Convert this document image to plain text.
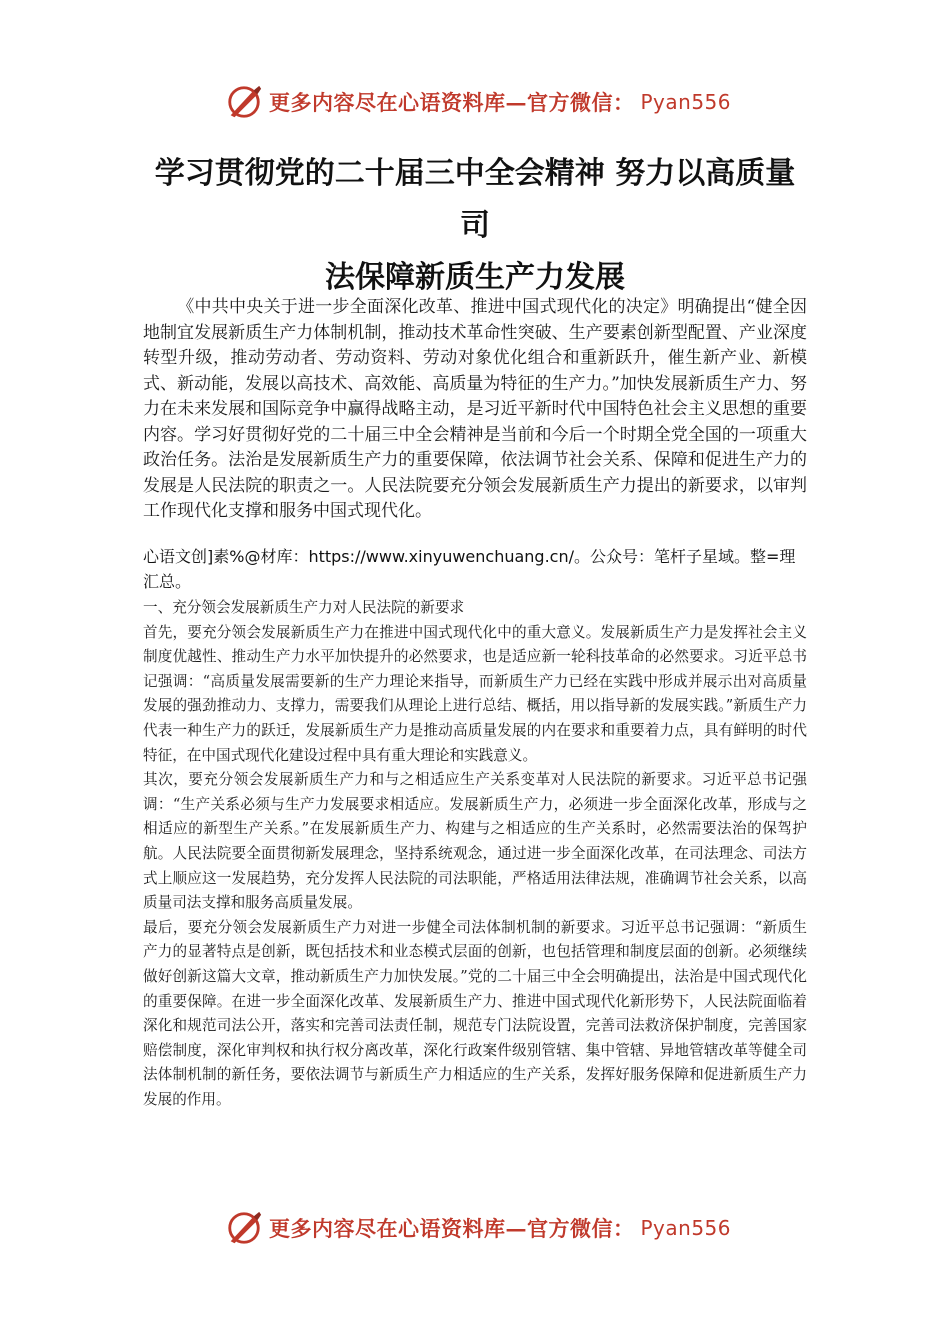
更多内容尽在心语资料库—官方微信： Pyan556
学习贯彻党的二十届三中全会精神 努力以高质量司
法保障新质生产力发展

《中共中央关于进一步全面深化改革、推进中国式现代化的决定》明确提出“健全因地制宜发展新质生产力体制机制，推动技术革命性突破、生产要素创新型配置、产业深度转型升级，推动劳动者、劳动资料、劳动对象优化组合和重新跃升，催生新产业、新模式、新动能，发展以高技术、高效能、高质量为特征的生产力。”加快发展新质生产力、努力在未来发展和国际竞争中赢得战略主动，是习近平新时代中国特色社会主义思想的重要内容。学习好贯彻好党的二十届三中全会精神是当前和今后一个时期全党全国的一项重大政治任务。法治是发展新质生产力的重要保障，依法调节社会关系、保障和促进生产力的发展是人民法院的职责之一。人民法院要充分领会发展新质生产力提出的新要求，以审判工作现代化支撑和服务中国式现代化。

心语文创]素%@材库：https://www.xinyuwenchuang.cn/。公众号：笔杆子星域。整=理汇总。

一、充分领会发展新质生产力对人民法院的新要求

首先，要充分领会发展新质生产力在推进中国式现代化中的重大意义。发展新质生产力是发挥社会主义制度优越性、推动生产力水平加快提升的必然要求，也是适应新一轮科技革命的必然要求。习近平总书记强调：“高质量发展需要新的生产力理论来指导，而新质生产力已经在实践中形成并展示出对高质量发展的强劲推动力、支撑力，需要我们从理论上进行总结、概括，用以指导新的发展实践。”新质生产力代表一种生产力的跃迁，发展新质生产力是推动高质量发展的内在要求和重要着力点，具有鲜明的时代特征，在中国式现代化建设过程中具有重大理论和实践意义。

其次，要充分领会发展新质生产力和与之相适应生产关系变革对人民法院的新要求。习近平总书记强调：“生产关系必须与生产力发展要求相适应。发展新质生产力，必须进一步全面深化改革，形成与之相适应的新型生产关系。”在发展新质生产力、构建与之相适应的生产关系时，必然需要法治的保驾护航。人民法院要全面贯彻新发展理念，坚持系统观念，通过进一步全面深化改革，在司法理念、司法方式上顺应这一发展趋势，充分发挥人民法院的司法职能，严格适用法律法规，准确调节社会关系，以高质量司法支撑和服务高质量发展。

最后，要充分领会发展新质生产力对进一步健全司法体制机制的新要求。习近平总书记强调：“新质生产力的显著特点是创新，既包括技术和业态模式层面的创新，也包括管理和制度层面的创新。必须继续做好创新这篇大文章，推动新质生产力加快发展。”党的二十届三中全会明确提出，法治是中国式现代化的重要保障。在进一步全面深化改革、发展新质生产力、推进中国式现代化新形势下，人民法院面临着深化和规范司法公开，落实和完善司法责任制，规范专门法院设置，完善司法救济保护制度，完善国家赔偿制度，深化审判权和执行权分离改革，深化行政案件级别管辖、集中管辖、异地管辖改革等健全司法体制机制的新任务，要依法调节与新质生产力相适应的生产关系，发挥好服务保障和促进新质生产力发展的作用。

更多内容尽在心语资料库—官方微信： Pyan556
